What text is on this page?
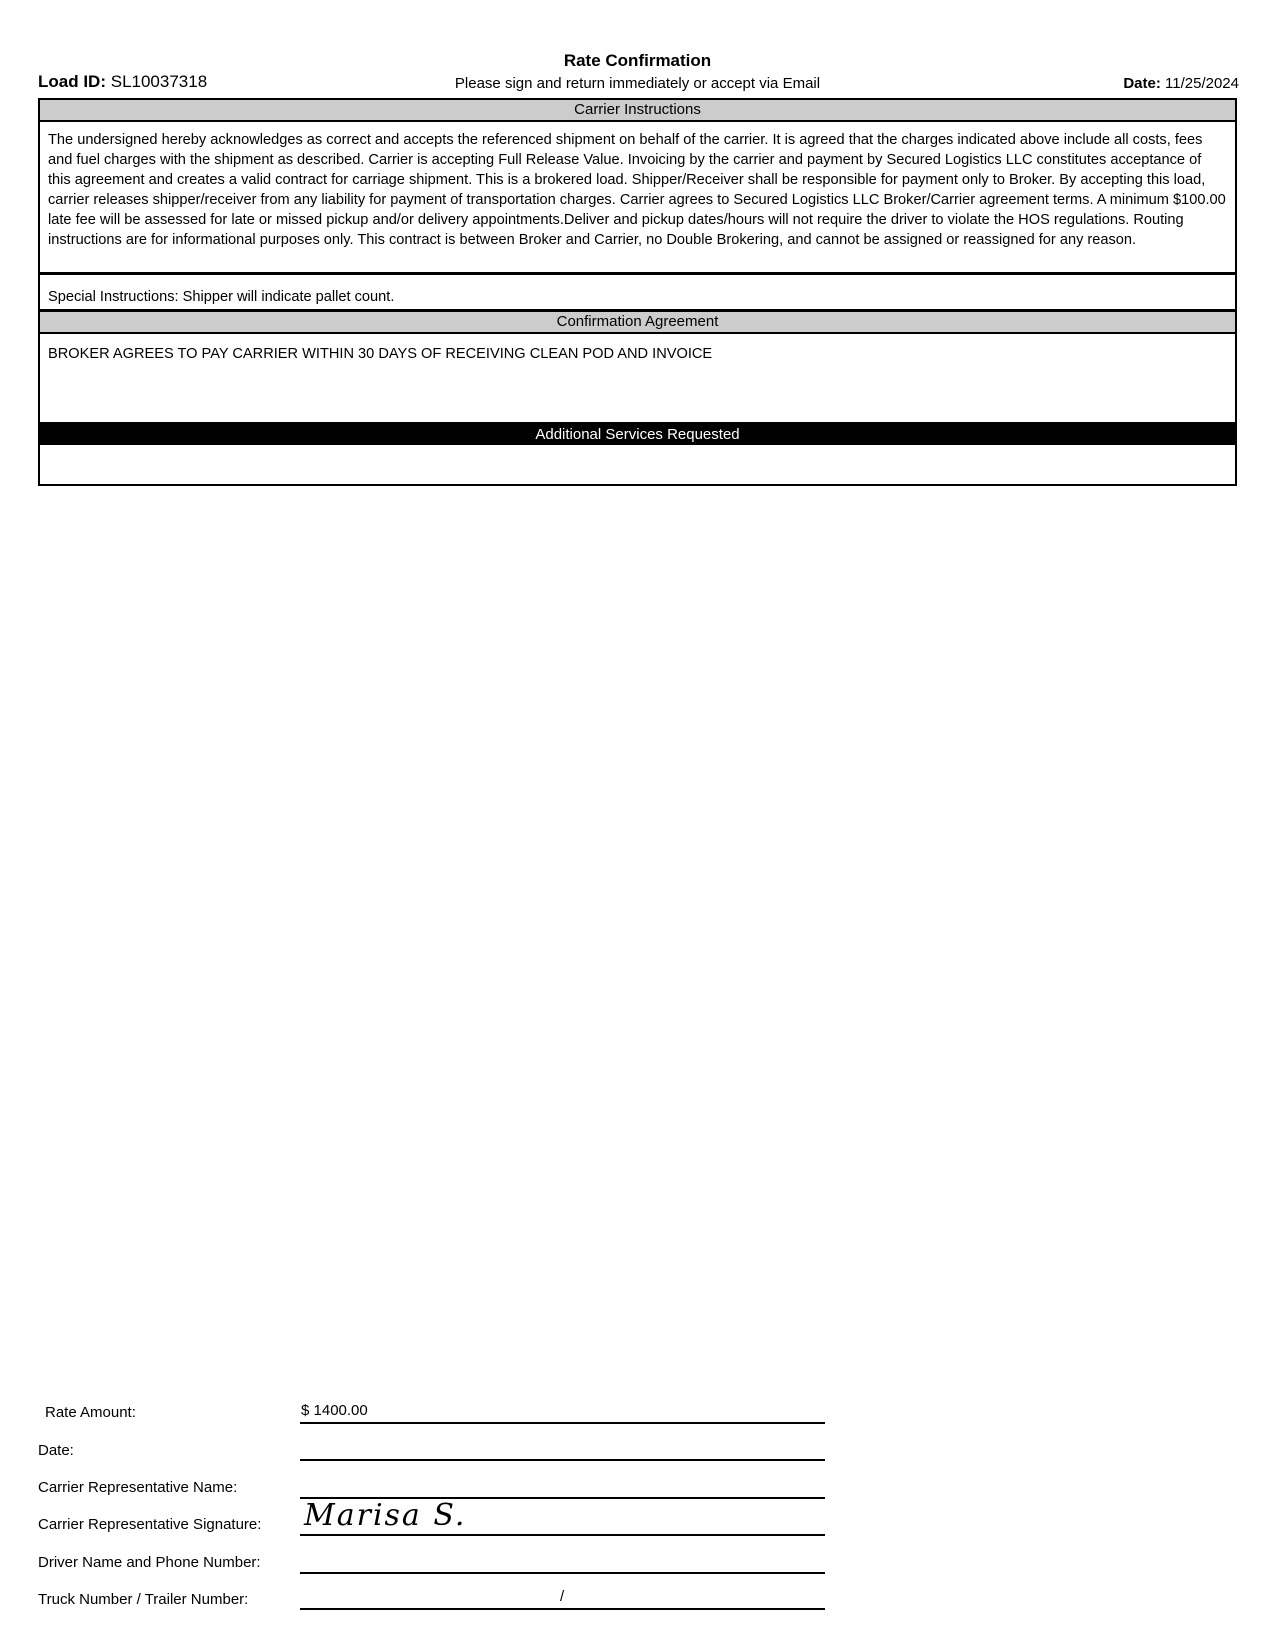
Rate Confirmation
Load ID: SL10037318	Please sign and return immediately or accept via Email	Date: 11/25/2024
Carrier Instructions
The undersigned hereby acknowledges as correct and accepts the referenced shipment on behalf of the carrier. It is agreed that the charges indicated above include all costs, fees and fuel charges with the shipment as described. Carrier is accepting Full Release Value. Invoicing by the carrier and payment by Secured Logistics LLC constitutes acceptance of this agreement and creates a valid contract for carriage shipment. This is a brokered load. Shipper/Receiver shall be responsible for payment only to Broker. By accepting this load, carrier releases shipper/receiver from any liability for payment of transportation charges. Carrier agrees to Secured Logistics LLC Broker/Carrier agreement terms. A minimum $100.00 late fee will be assessed for late or missed pickup and/or delivery appointments.Deliver and pickup dates/hours will not require the driver to violate the HOS regulations. Routing instructions are for informational purposes only. This contract is between Broker and Carrier, no Double Brokering, and cannot be assigned or reassigned for any reason.
Special Instructions: Shipper will indicate pallet count.
Confirmation Agreement
BROKER AGREES TO PAY CARRIER WITHIN 30 DAYS OF RECEIVING CLEAN POD AND INVOICE
Additional Services Requested
Rate Amount:	$ 1400.00
Date:
Carrier Representative Name:
Carrier Representative Signature: Marisa S.
Driver Name and Phone Number:
Truck Number / Trailer Number:	/
